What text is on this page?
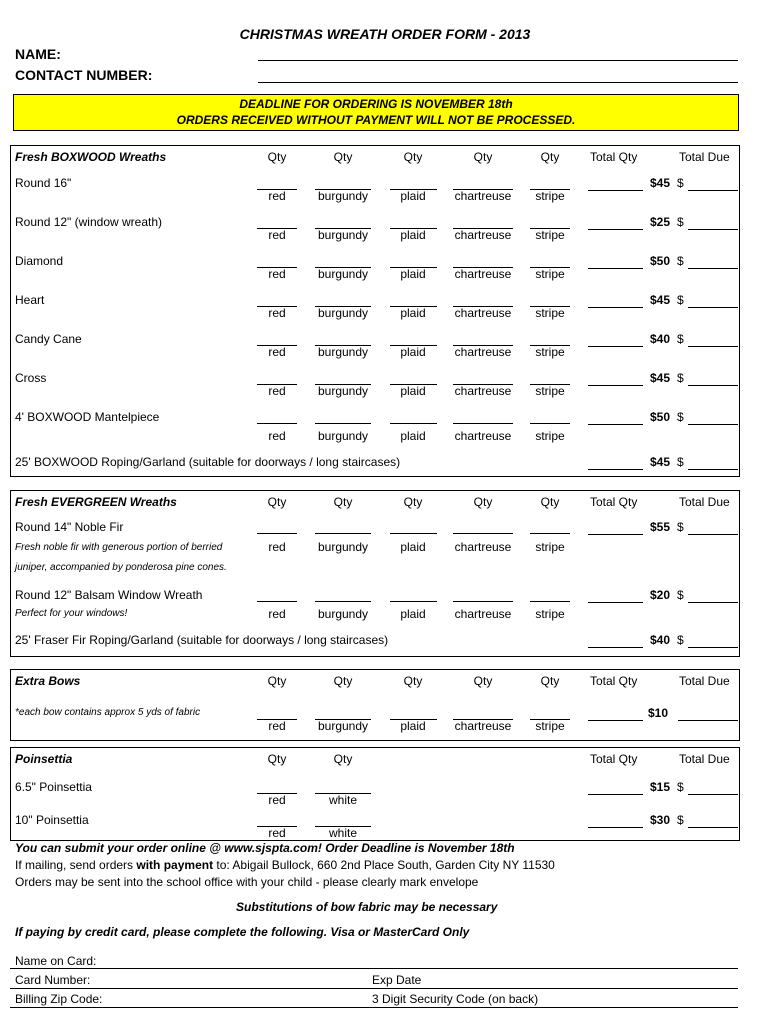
CHRISTMAS WREATH ORDER FORM - 2013
NAME:
CONTACT NUMBER:
DEADLINE FOR ORDERING IS NOVEMBER 18th
ORDERS RECEIVED WITHOUT PAYMENT WILL NOT BE PROCESSED.
Fresh BOXWOOD Wreaths	Qty	Qty	Qty	Qty	Qty	Total Qty	Total Due
Round 16"
red	burgundy	plaid	chartreuse	stripe
$45 $
Round 12" (window wreath)
red	burgundy	plaid	chartreuse	stripe
$25 $
Diamond
red	burgundy	plaid	chartreuse	stripe
$50 $
Heart
red	burgundy	plaid	chartreuse	stripe
$45 $
Candy Cane
red	burgundy	plaid	chartreuse	stripe
$40 $
Cross
red	burgundy	plaid	chartreuse	stripe
$45 $
4' BOXWOOD Mantelpiece
red	burgundy	plaid	chartreuse	stripe
$50 $
25' BOXWOOD Roping/Garland (suitable for doorways / long staircases)	$45 $
Fresh EVERGREEN Wreaths	Qty	Qty	Qty	Qty	Qty	Total Qty	Total Due
Round 14" Noble Fir	$55 $
Fresh noble fir with generous portion of berried	red	burgundy	plaid	chartreuse	stripe
juniper, accompanied by ponderosa pine cones.
Round 12" Balsam Window Wreath	$20 $
Perfect for your windows!	red	burgundy	plaid	chartreuse	stripe
25' Fraser Fir Roping/Garland (suitable for doorways / long staircases)	$40 $
Extra Bows	Qty	Qty	Qty	Qty	Qty	Total Qty	Total Due
*each bow contains approx 5 yds of fabric
red	burgundy	plaid	chartreuse	stripe
$10
Poinsettia	Qty	Qty	Total Qty	Total Due
6.5" Poinsettia
red	white
$15 $
10" Poinsettia
red	white
$30 $
You can submit your order online @ www.sjspta.com! Order Deadline is November 18th
If mailing, send orders with payment to: Abigail Bullock, 660 2nd Place South, Garden City NY 11530
Orders may be sent into the school office with your child - please clearly mark envelope
Substitutions of bow fabric may be necessary
If paying by credit card, please complete the following. Visa or MasterCard Only
Name on Card:
Card Number:	Exp Date
Billing Zip Code:	3 Digit Security Code (on back)
